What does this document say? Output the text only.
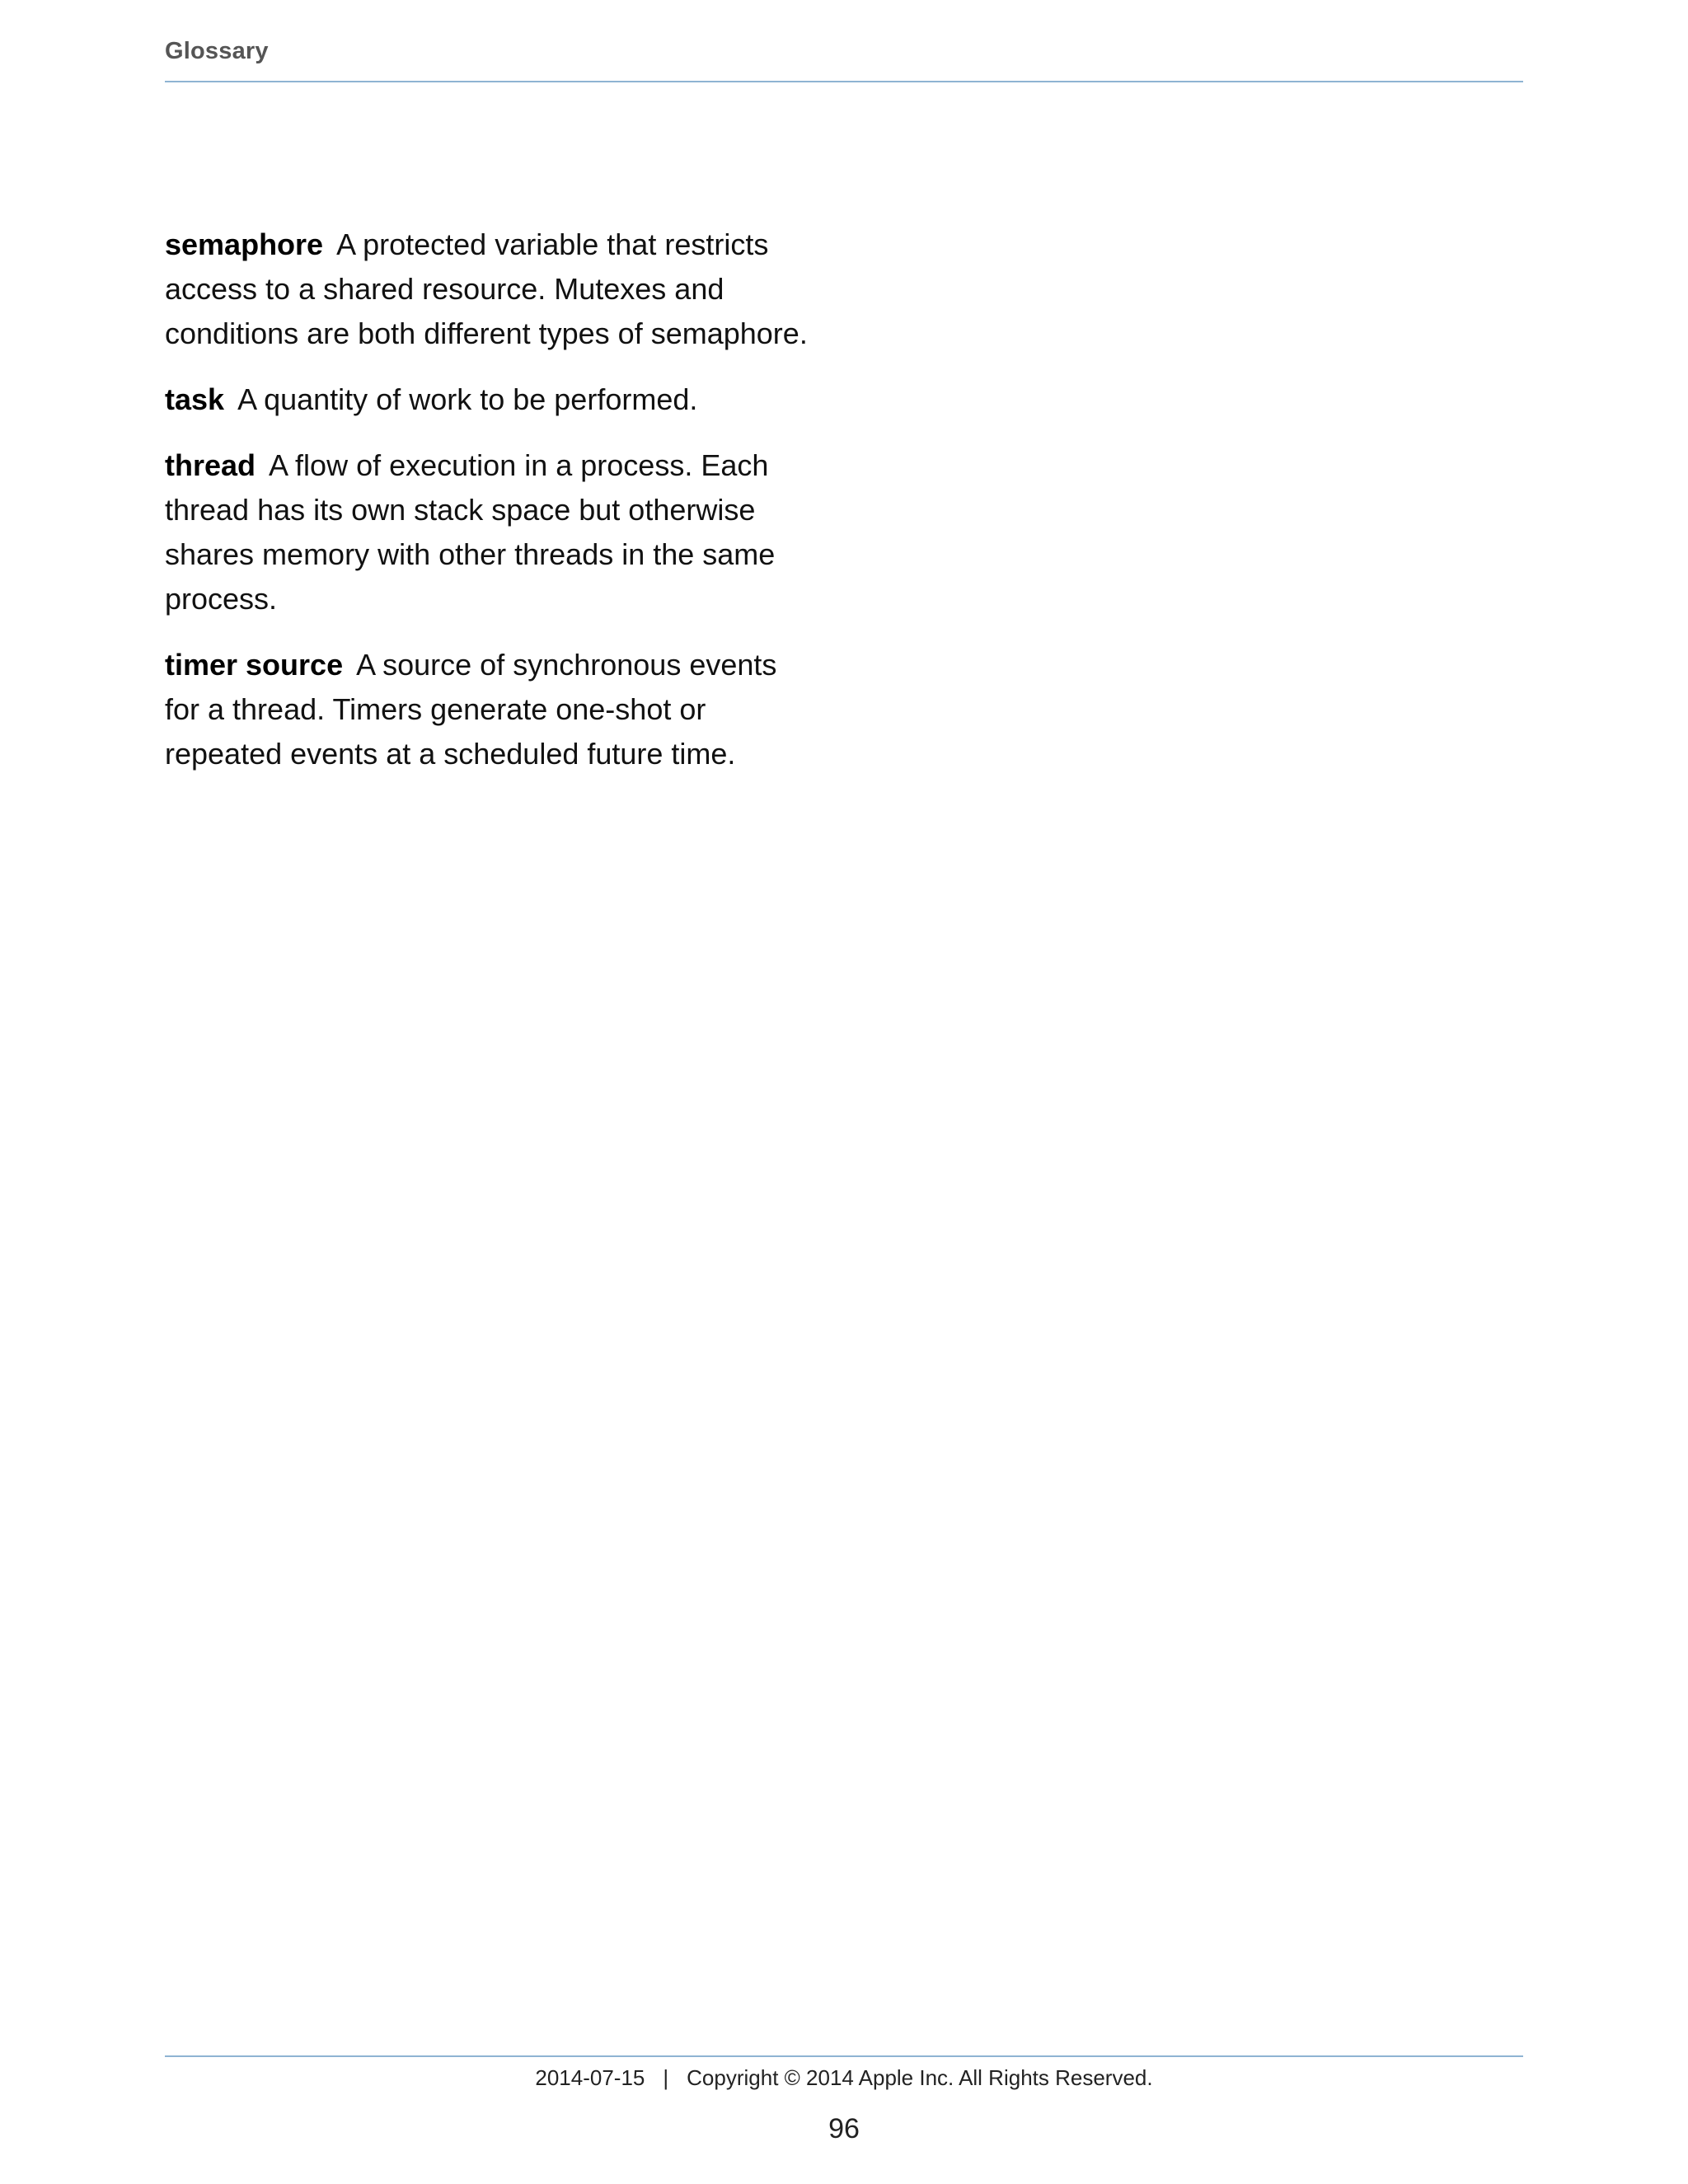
Glossary

semaphore A protected variable that restricts access to a shared resource. Mutexes and conditions are both different types of semaphore.

task A quantity of work to be performed.

thread A flow of execution in a process. Each thread has its own stack space but otherwise shares memory with other threads in the same process.

timer source A source of synchronous events for a thread. Timers generate one-shot or repeated events at a scheduled future time.

2014-07-15 | Copyright © 2014 Apple Inc. All Rights Reserved.
96
